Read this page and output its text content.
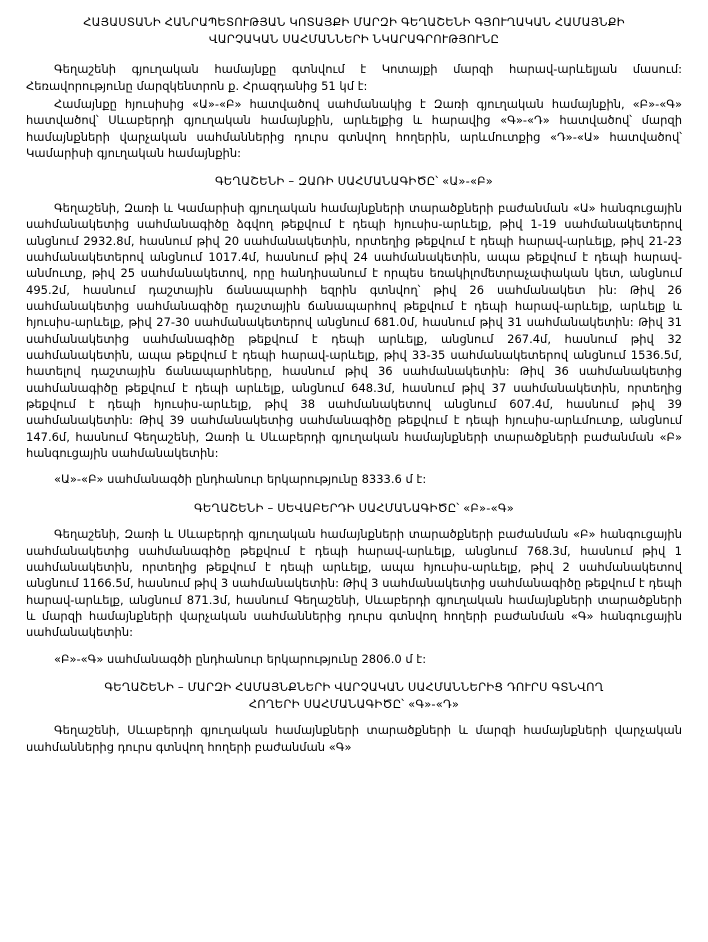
ՀԱՅԱՍՏԱՆԻ ՀԱՆՐԱՊԵՏՈՒԹՅԱՆ ԿՈՏԱՅՔԻ ՄԱՐԶԻ ԳԵՂԱՇԵՆԻ ԳՅՈՒՂԱԿԱՆ ՀԱՄԱՅՆՔԻ
ՎԱՐՉԱԿԱՆ ՍԱՀՄԱՆՆԵՐԻ ՆԿԱՐԱԳՐՈՒԹՅՈՒՆԸ

Գեղաշենի գյուղական համայնքը գտնվում է Կոտայքի մարզի հարավ-արևելյան մասում: Հեռավորությունը մարզկենտրոն ք. Հրազդանից 51 կմ է:

Համայնքը հյուսիսից «Ա»-«Բ» հատվածով սահմանակից է Զառի գյուղական համայնքին, «Բ»-«Գ» հատվածով՝ Սևաբերդի գյուղական համայնքին, արևելքից և հարավից «Գ»-«Դ» հատվածով՝ մարզի համայնքների վարչական սահմաններից դուրս գտնվող հողերին, արևմուտքից «Դ»-«Ա» հատվածով՝ Կամարիսի գյուղական համայնքին:

ԳԵՂԱՇԵՆԻ – ԶԱՌԻ ՍԱՀՄԱՆԱԳԻԾԸ՝ «Ա»-«Բ»

Գեղաշենի, Զառի և Կամարիսի գյուղական համայնքների տարածքների բաժանման «Ա» հանգուցային սահմանակետից սահմանագիծը ձգվող թեքվում է դեպի հյուսիս-արևելք, թիվ 1-19 սահմանակետերով անցնում 2932.8մ, հասնում թիվ 20 սահմանակետին, որտեղից թեքվում է դեպի հարավ-արևելք, թիվ 21-23 սահմանակետերով անցնում 1017.4մ, հասնում թիվ 24 սահմանակետին, ապա թեքվում է դեպի հարավ-անմուտք, թիվ 25 սահմանակետով, որը հանդիսանում է որպես եռակիլոմետրաչափական կետ, անցնում 495.2մ, հասնում դաշտային ճանապարհի եզրին գտնվող՝ թիվ 26 սահմանակետ ին: Թիվ 26 սահմանակետից սահմանագիծը դաշտային ճանապարհով թեքվում է դեպի հարավ-արևելք, արևելք և հյուսիս-արևելք, թիվ 27-30 սահմանակետերով անցնում 681.0մ, հասնում թիվ 31 սահմանակետին: Թիվ 31 սահմանակետից սահմանագիծը թեքվում է դեպի արևելք, անցնում 267.4մ, հասնում թիվ 32 սահմանակետին, ապա թեքվում է դեպի հարավ-արևելք, թիվ 33-35 սահմանակետերով անցնում 1536.5մ, հատելով դաշտային ճանապարհները, հասնում թիվ 36 սահմանակետին: Թիվ 36 սահմանակետից սահմանագիծը թեքվում է դեպի արևելք, անցնում 648.3մ, հասնում թիվ 37 սահմանակետին, որտեղից թեքվում է դեպի հյուսիս-արևելք, թիվ 38 սահմանակետով անցնում 607.4մ, հասնում թիվ 39 սահմանակետին: Թիվ 39 սահմանակետից սահմանագիծը թեքվում է դեպի հյուսիս-արևմուտք, անցնում 147.6մ, հասնում Գեղաշենի, Զառի և Սևաբերդի գյուղական համայնքների տարածքների բաժանման «Բ» հանգուցային սահմանակետին:

«Ա»-«Բ» սահմանագծի ընդհանուր երկարությունը 8333.6 մ է:

ԳԵՂԱՇԵՆԻ – ՍԵՎԱԲԵՐԴԻ ՍԱՀՄԱՆԱԳԻԾԸ՝ «Բ»-«Գ»

Գեղաշենի, Զառի և Սևաբերդի գյուղական համայնքների տարածքների բաժանման «Բ» հանգուցային սահմանակետից սահմանագիծը թեքվում է դեպի հարավ-արևելք, անցնում 768.3մ, հասնում թիվ 1 սահմանակետին, որտեղից թեքվում է դեպի արևելք, ապա հյուսիս-արևելք, թիվ 2 սահմանակետով անցնում 1166.5մ, հասնում թիվ 3 սահմանակետին: Թիվ 3 սահմանակետից սահմանագիծը թեքվում է դեպի հարավ-արևելք, անցնում 871.3մ, հասնում Գեղաշենի, Սևաբերդի գյուղական համայնքների տարածքների և մարզի համայնքների վարչական սահմաններից դուրս գտնվող հողերի բաժանման «Գ» հանգուցային սահմանակետին:

«Բ»-«Գ» սահմանագծի ընդհանուր երկարությունը 2806.0 մ է:

ԳԵՂԱՇԵՆԻ – ՄԱՐԶԻ ՀԱՄԱՅՆՔՆԵՐԻ ՎԱՐՉԱԿԱՆ ՍԱՀՄԱՆՆԵՐԻՑ ԴՈՒՐՍ ԳՏՆՎՈՂ
ՀՈՂԵՐԻ ՍԱՀՄԱՆԱԳԻԾԸ՝ «Գ»-«Դ»

Գեղաշենի, Սևաբերդի գյուղական համայնքների տարածքների և մարզի համայնքների վարչական սահմաններից դուրս գտնվող հողերի բաժանման «Գ»
